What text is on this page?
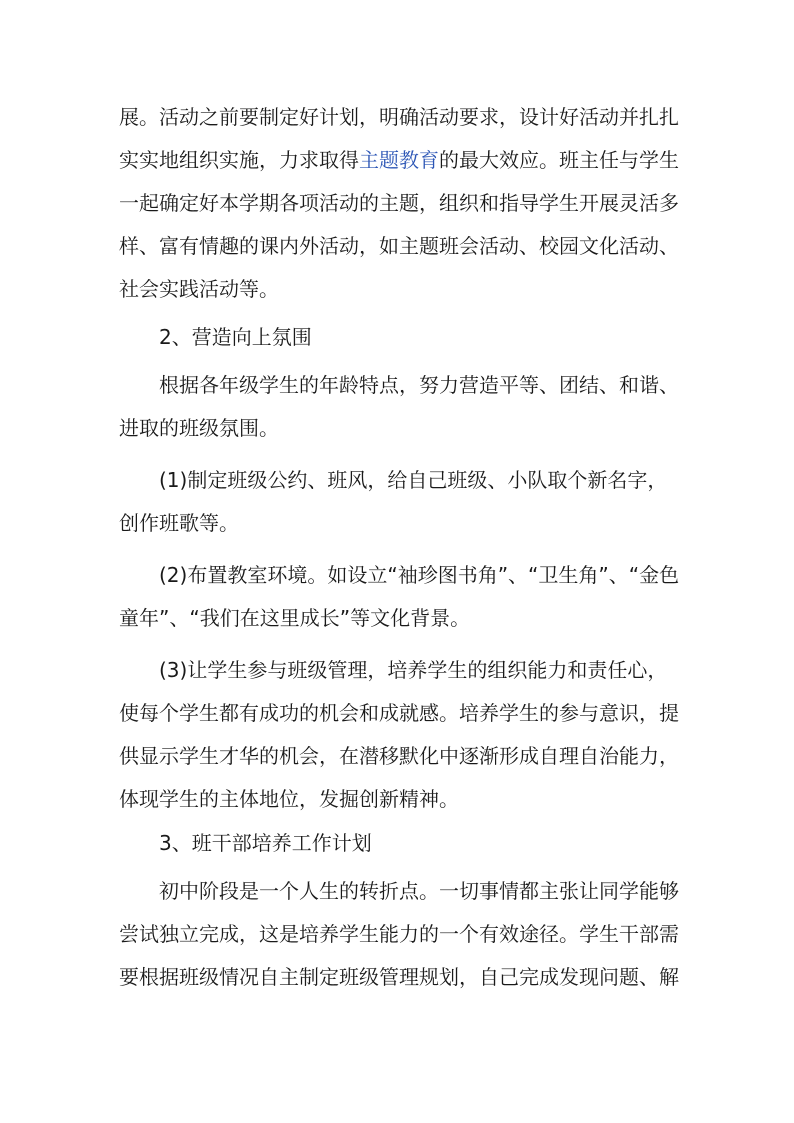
展。活动之前要制定好计划，明确活动要求，设计好活动并扎扎
实实地组织实施，力求取得主题教育的最大效应。班主任与学生
一起确定好本学期各项活动的主题，组织和指导学生开展灵活多
样、富有情趣的课内外活动，如主题班会活动、校园文化活动、
社会实践活动等。
2、营造向上氛围
根据各年级学生的年龄特点，努力营造平等、团结、和谐、
进取的班级氛围。
(1)制定班级公约、班风，给自己班级、小队取个新名字，
创作班歌等。
(2)布置教室环境。如设立“袖珍图书角”、“卫生角”、“金色
童年”、“我们在这里成长”等文化背景。
(3)让学生参与班级管理，培养学生的组织能力和责任心，
使每个学生都有成功的机会和成就感。培养学生的参与意识，提
供显示学生才华的机会，在潜移默化中逐渐形成自理自治能力，
体现学生的主体地位，发掘创新精神。
3、班干部培养工作计划
初中阶段是一个人生的转折点。一切事情都主张让同学能够
尝试独立完成，这是培养学生能力的一个有效途径。学生干部需
要根据班级情况自主制定班级管理规划，自己完成发现问题、解
